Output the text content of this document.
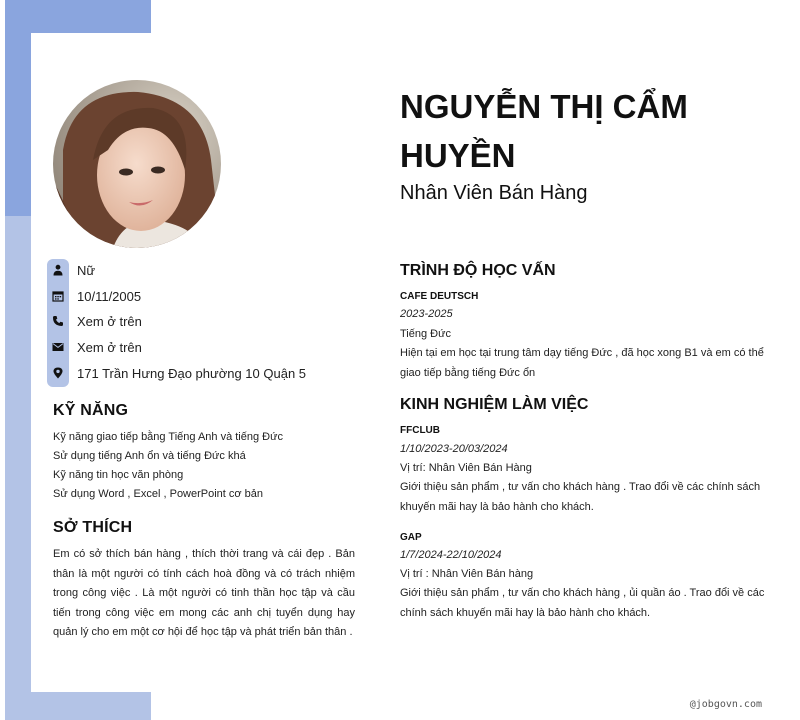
Nữ
10/11/2005
Xem ở trên
Xem ở trên
171 Trần Hưng Đạo phường 10 Quận 5
KỸ NĂNG
Kỹ năng giao tiếp bằng Tiếng Anh và tiếng Đức
Sử dụng tiếng Anh ổn và tiếng Đức khá
Kỹ năng tin học văn phòng
Sử dụng Word , Excel , PowerPoint cơ bản
SỞ THÍCH
Em có sở thích bán hàng , thích thời trang và cái đẹp . Bản thân là một người có tính cách hoà đồng và có trách nhiệm trong công việc . Là một người có tinh thần học tập và cầu tiến trong công việc em mong các anh chị tuyển dụng hay quản lý cho em một cơ hội để học tập và phát triển bản thân .
NGUYỄN THỊ CẨM HUYỀN
Nhân Viên Bán Hàng
TRÌNH ĐỘ HỌC VẤN
CAFE DEUTSCH
2023-2025
Tiếng Đức
Hiện tại em học tại trung tâm dạy tiếng Đức , đã học xong B1 và em có thể giao tiếp bằng tiếng Đức ổn
KINH NGHIỆM LÀM VIỆC
FFCLUB
1/10/2023-20/03/2024
Vị trí: Nhân Viên Bán Hàng
Giới thiệu sản phẩm , tư vấn cho khách hàng . Trao đổi về các chính sách khuyến mãi hay là bảo hành cho khách.
GAP
1/7/2024-22/10/2024
Vị trí : Nhân Viên Bán hàng
Giới thiệu sản phẩm , tư vấn cho khách hàng , ủi quần áo . Trao đổi về các chính sách khuyến mãi hay là bảo hành cho khách.
@jobgovn.com
